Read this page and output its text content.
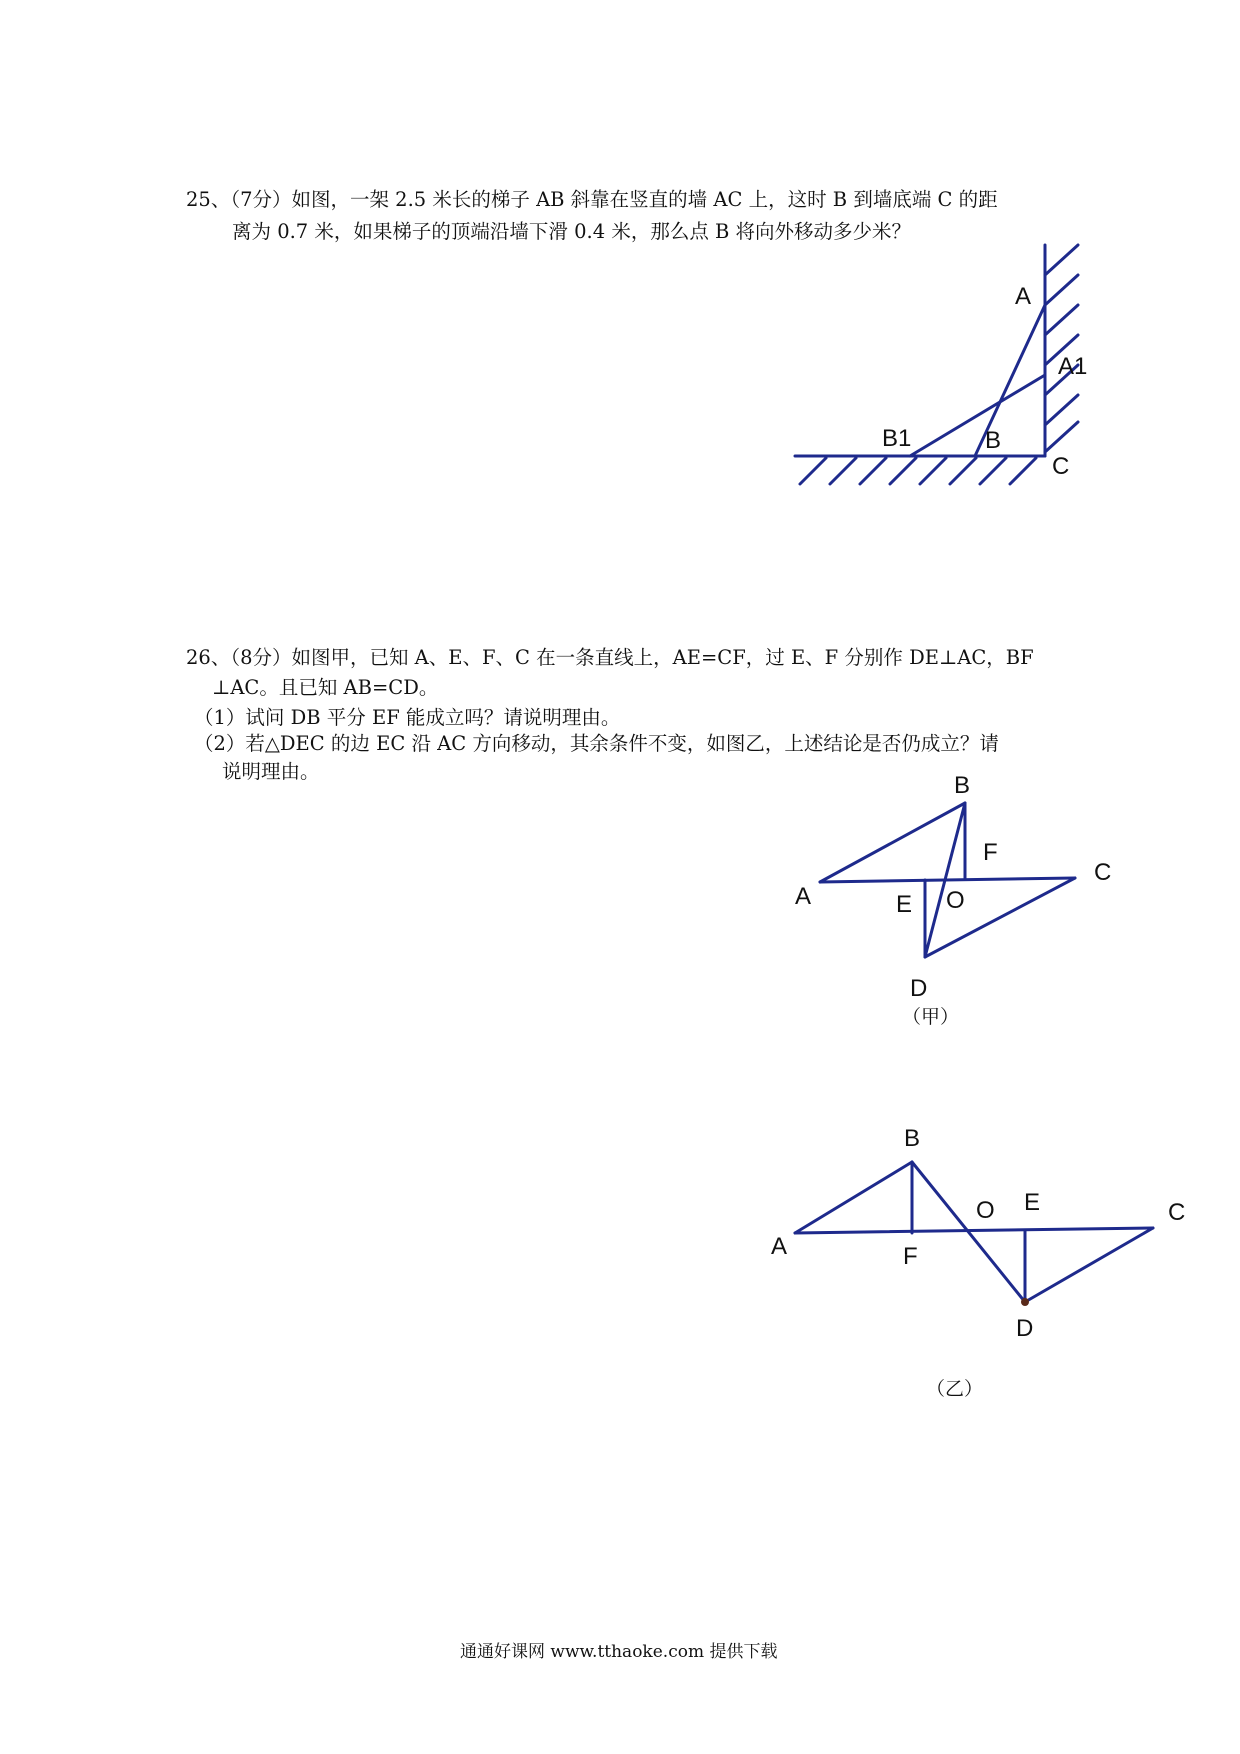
25、（7分）如图，一架 2.5 米长的梯子 AB 斜靠在竖直的墙 AC 上，这时 B 到墙底端 C 的距
离为 0.7 米，如果梯子的顶端沿墙下滑 0.4 米，那么点 B 将向外移动多少米？
A
A1
B1	B
C
26、（8分）如图甲，已知 A、E、F、C 在一条直线上，AE=CF，过 E、F 分别作 DE⊥AC，BF
⊥AC。且已知 AB=CD。
（1）试问 DB 平分 EF 能成立吗？请说明理由。
（2）若△DEC 的边 EC 沿 AC 方向移动，其余条件不变，如图乙，上述结论是否仍成立？请
说明理由。
B
F
C
A	E O
D
（甲）
B
O E	C
A	F
D
（乙）
通通好课网 www.tthaoke.com 提供下载
